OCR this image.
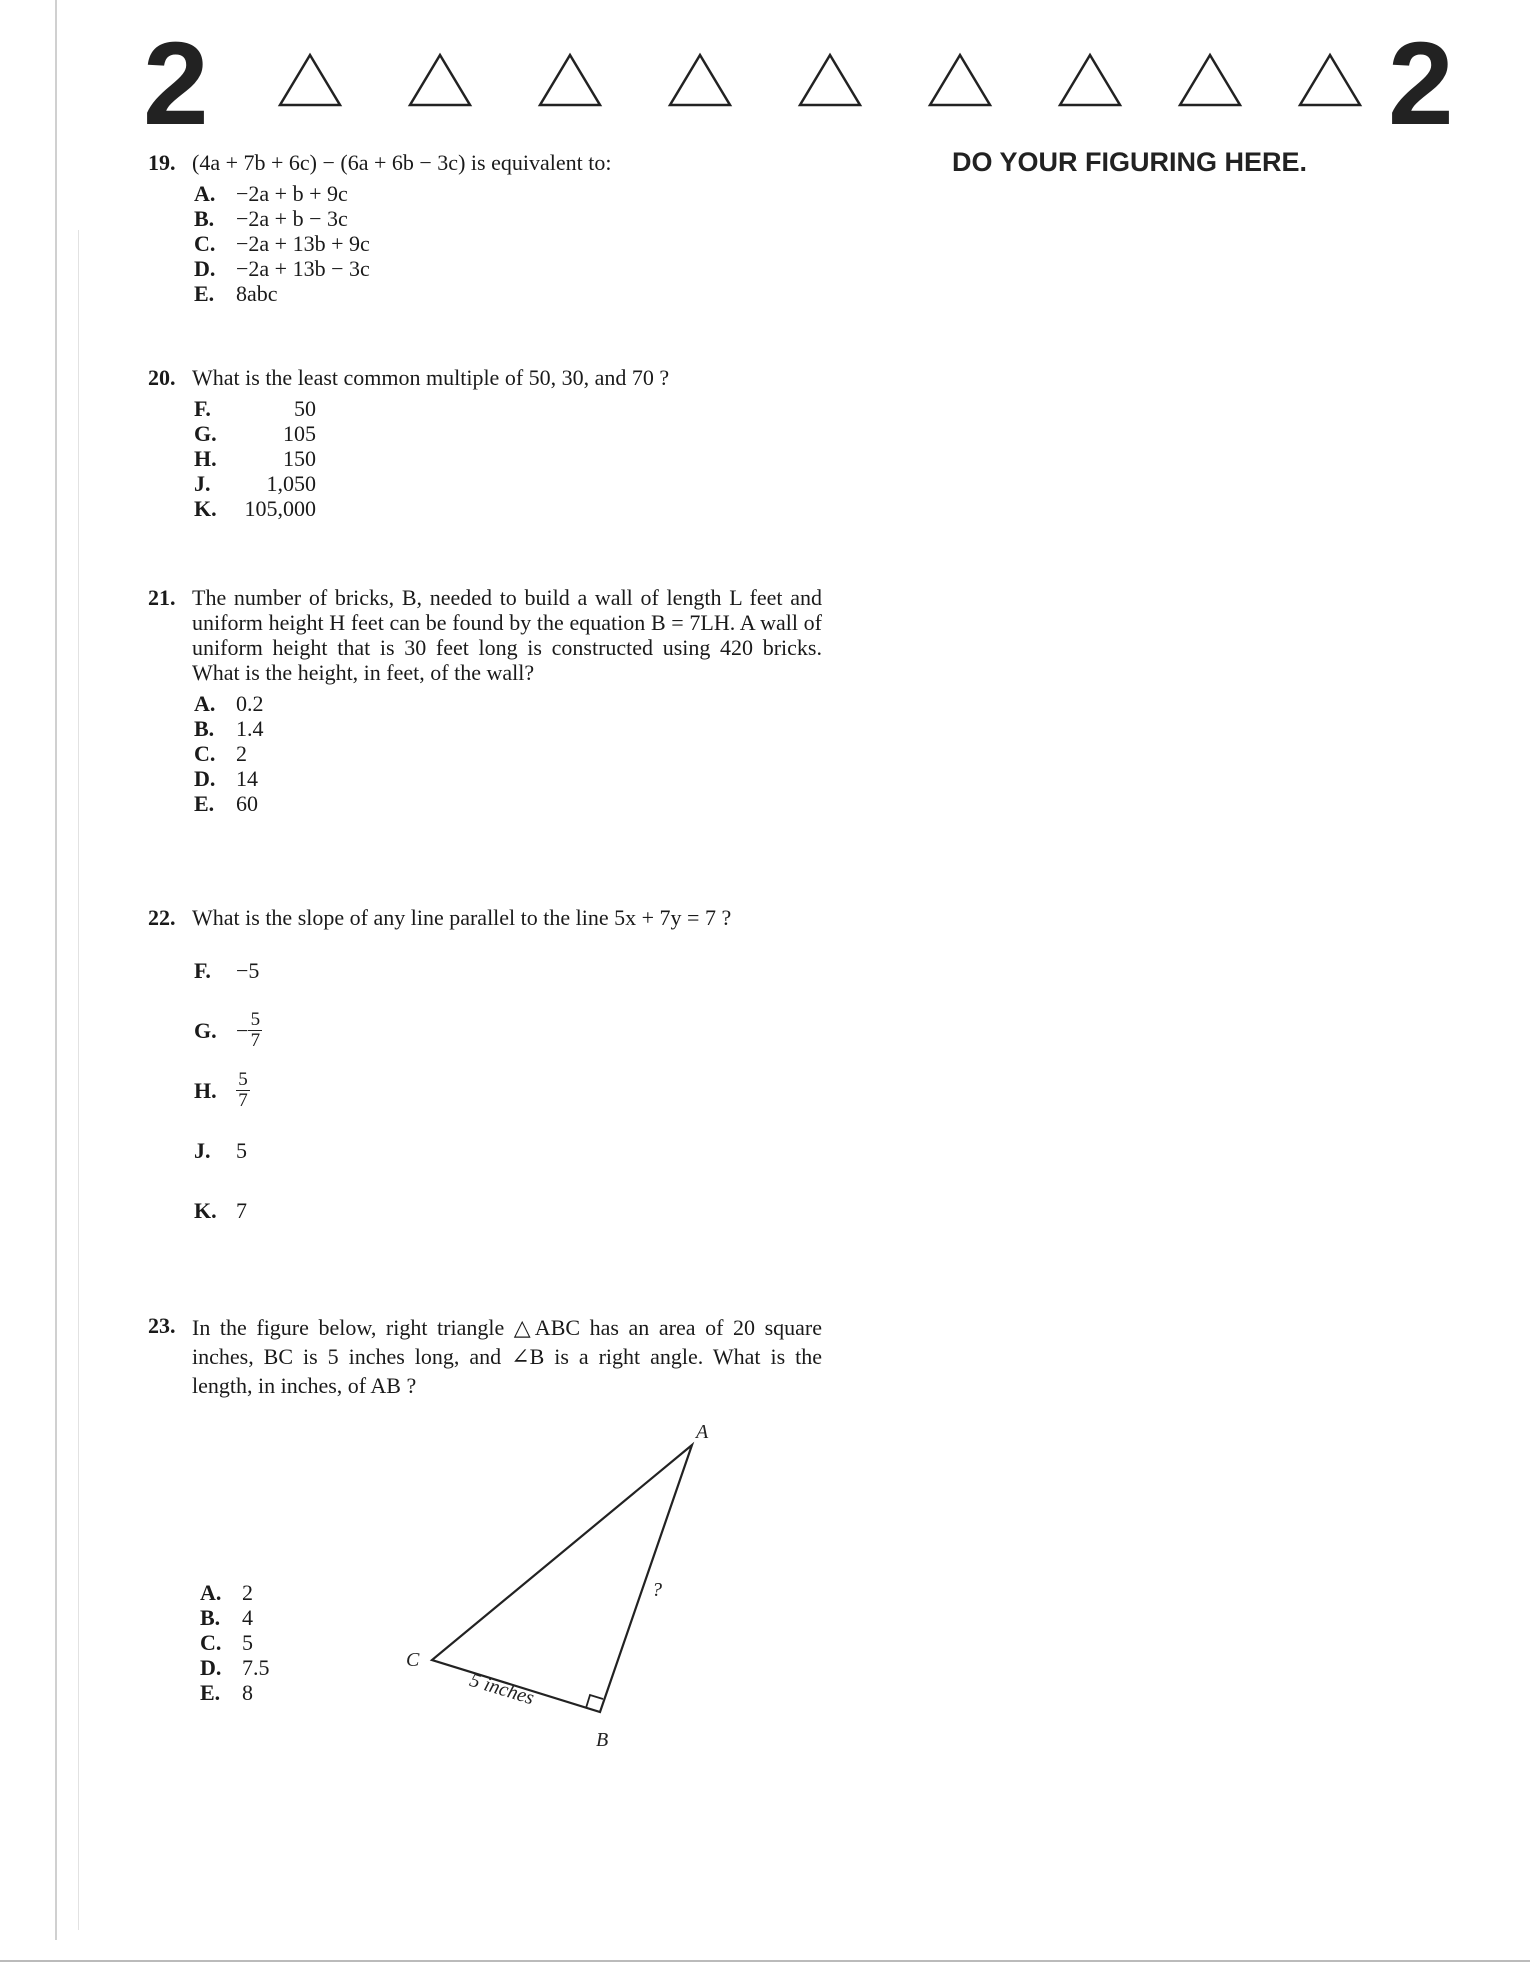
2	2
DO YOUR FIGURING HERE.
19. (4a + 7b + 6c) − (6a + 6b − 3c) is equivalent to:
A. −2a + b + 9c
B. −2a + b − 3c
C. −2a + 13b + 9c
D. −2a + 13b − 3c
E. 8abc
20. What is the least common multiple of 50, 30, and 70 ?
F.	50
G.	105
H.	150
J.	1,050
K.	105,000
21. The number of bricks, B, needed to build a wall of length L feet and uniform height H feet can be found by the equation B = 7LH. A wall of uniform height that is 30 feet long is constructed using 420 bricks. What is the height, in feet, of the wall?
A. 0.2
B. 1.4
C. 2
D. 14
E. 60
22. What is the slope of any line parallel to the line 5x + 7y = 7 ?
F.	−5
G. − $\frac{5}{7}$
H.	$\frac{5}{7}$
J.	5
K. 7
23. In the figure below, right triangle △ABC has an area of 20 square inches, BC is 5 inches long, and ∠B is a right angle. What is the length, in inches, of AB ?
A. 2
B. 4
C. 5
D. 7.5
E. 8
A
C
B
?
5 inches
